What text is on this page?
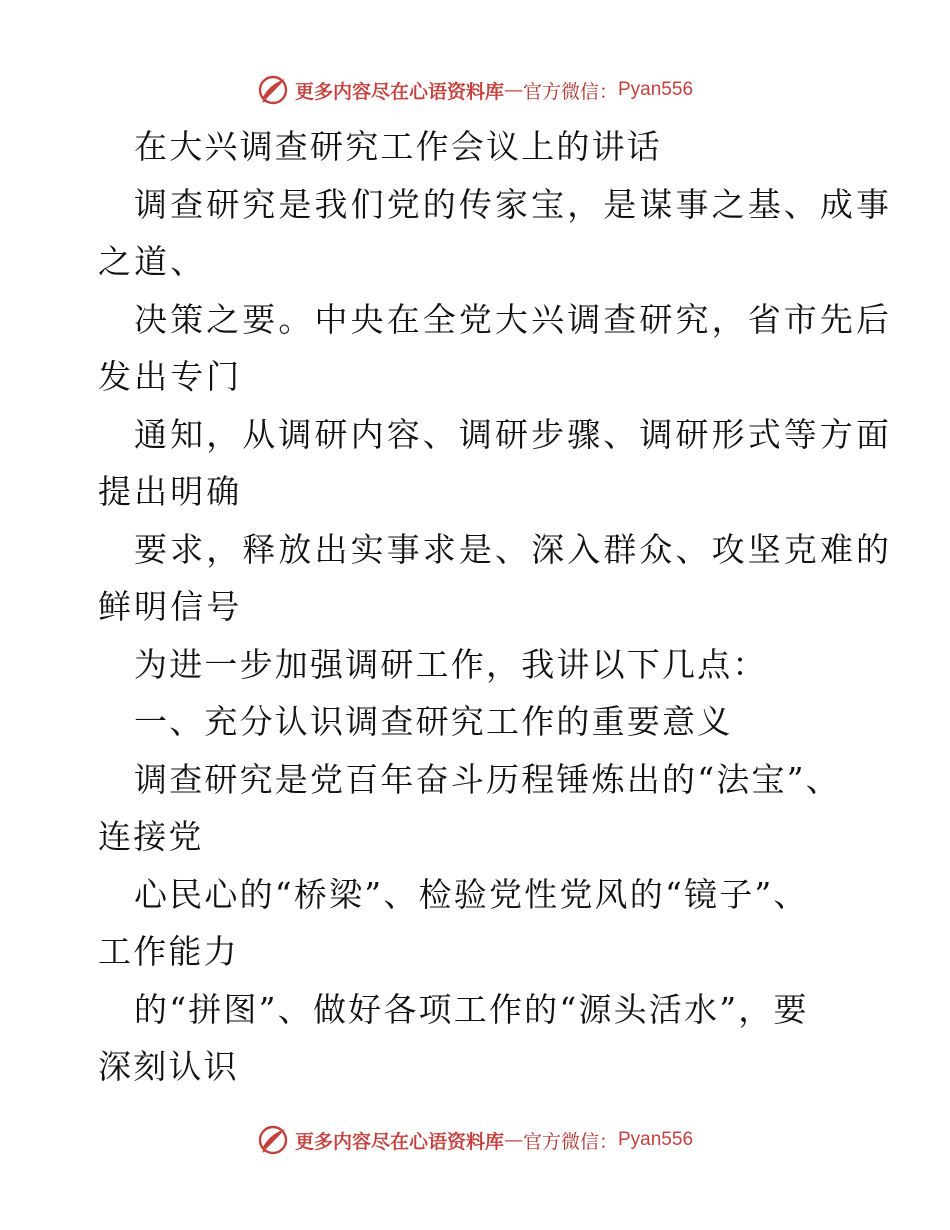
更多内容尽在心语资料库 — 官方微信： Pyan556
在大兴调查研究工作会议上的讲话
调查研究是我们党的传家宝，是谋事之基、成事
之道、
决策之要。中央在全党大兴调查研究，省市先后
发出专门
通知，从调研内容、调研步骤、调研形式等方面
提出明确
要求，释放出实事求是、深入群众、攻坚克难的
鲜明信号
为进一步加强调研工作，我讲以下几点：
一、充分认识调查研究工作的重要意义
调查研究是党百年奋斗历程锤炼出的“法宝”、
连接党
心民心的“桥梁”、检验党性党风的“镜子”、
工作能力
的“拼图”、做好各项工作的“源头活水”，要
深刻认识
更多内容尽在心语资料库 — 官方微信： Pyan556
